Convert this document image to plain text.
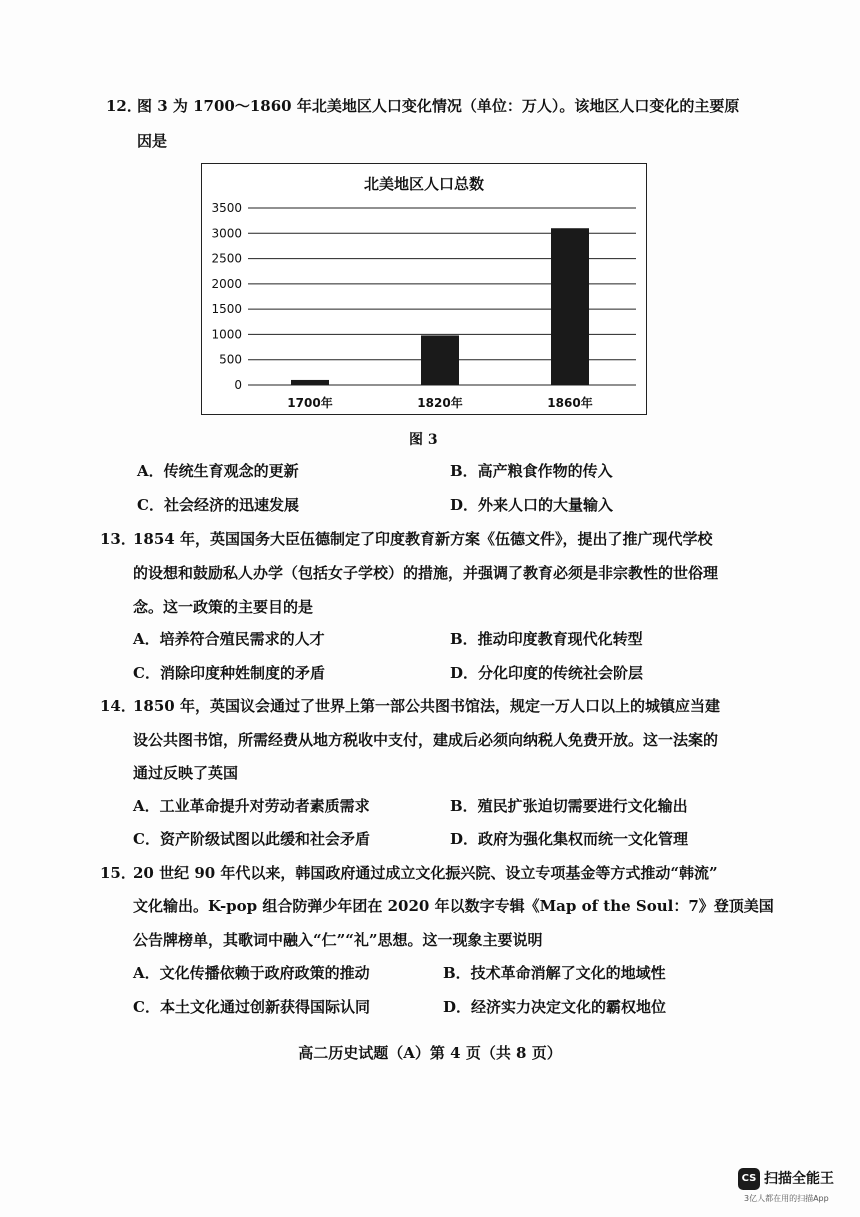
12．
图 3 为 1700～1860 年北美地区人口变化情况（单位：万人）。该地区人口变化的主要原
因是
北美地区人口总数
0
500
1000
1500
2000
2500
3000
3500
1700年	1820年	1860年
图 3
A．传统生育观念的更新	B．高产粮食作物的传入
C．社会经济的迅速发展	D．外来人口的大量输入
13．
1854 年，英国国务大臣伍德制定了印度教育新方案《伍德文件》，提出了推广现代学校
的设想和鼓励私人办学（包括女子学校）的措施，并强调了教育必须是非宗教性的世俗理
念。这一政策的主要目的是
A．培养符合殖民需求的人才	B．推动印度教育现代化转型
C．消除印度种姓制度的矛盾	D．分化印度的传统社会阶层
14．
1850 年，英国议会通过了世界上第一部公共图书馆法，规定一万人口以上的城镇应当建
设公共图书馆，所需经费从地方税收中支付，建成后必须向纳税人免费开放。这一法案的
通过反映了英国
A．工业革命提升对劳动者素质需求	B．殖民扩张迫切需要进行文化输出
C．资产阶级试图以此缓和社会矛盾	D．政府为强化集权而统一文化管理
15．
20 世纪 90 年代以来，韩国政府通过成立文化振兴院、设立专项基金等方式推动“韩流”
文化输出。K-pop 组合防弹少年团在 2020 年以数字专辑《Map of the Soul：7》登顶美国
公告牌榜单，其歌词中融入“仁”“礼”思想。这一现象主要说明
A．文化传播依赖于政府政策的推动	B．技术革命消解了文化的地域性
C．本土文化通过创新获得国际认同	D．经济实力决定文化的霸权地位
高二历史试题（A）第 4 页（共 8 页）
CS 扫描全能王
3亿人都在用的扫描App
